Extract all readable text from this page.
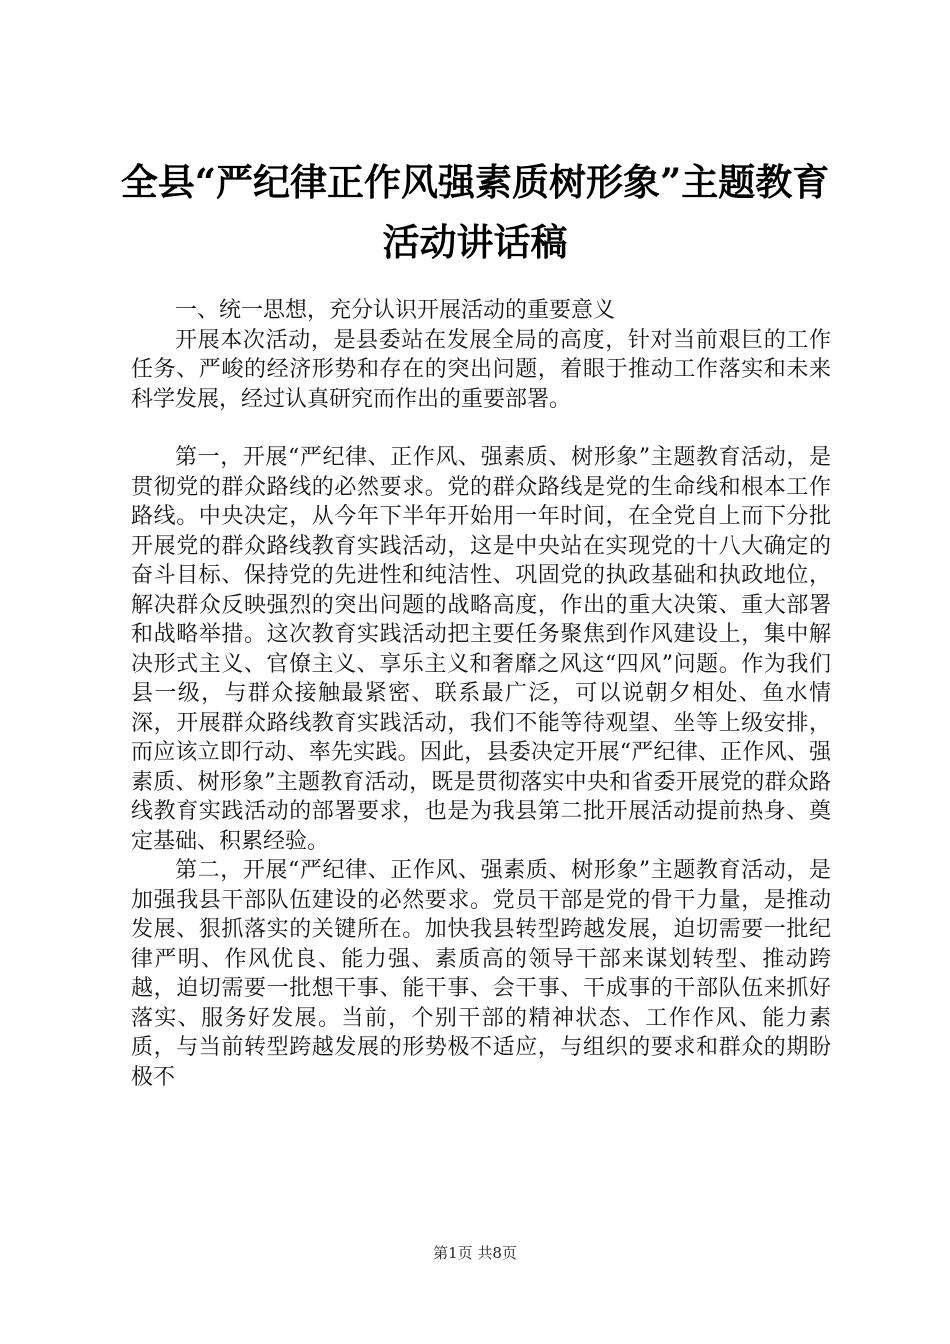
全县“严纪律正作风强素质树形象”主题教育
活动讲话稿

一、统一思想，充分认识开展活动的重要意义

开展本次活动，是县委站在发展全局的高度，针对当前艰巨的工作任务、严峻的经济形势和存在的突出问题，着眼于推动工作落实和未来科学发展，经过认真研究而作出的重要部署。

第一，开展“严纪律、正作风、强素质、树形象”主题教育活动，是贯彻党的群众路线的必然要求。党的群众路线是党的生命线和根本工作路线。中央决定，从今年下半年开始用一年时间，在全党自上而下分批开展党的群众路线教育实践活动，这是中央站在实现党的十八大确定的奋斗目标、保持党的先进性和纯洁性、巩固党的执政基础和执政地位，解决群众反映强烈的突出问题的战略高度，作出的重大决策、重大部署和战略举措。这次教育实践活动把主要任务聚焦到作风建设上，集中解决形式主义、官僚主义、享乐主义和奢靡之风这“四风”问题。作为我们县一级，与群众接触最紧密、联系最广泛，可以说朝夕相处、鱼水情深，开展群众路线教育实践活动，我们不能等待观望、坐等上级安排，而应该立即行动、率先实践。因此，县委决定开展“严纪律、正作风、强素质、树形象”主题教育活动，既是贯彻落实中央和省委开展党的群众路线教育实践活动的部署要求，也是为我县第二批开展活动提前热身、奠定基础、积累经验。

第二，开展“严纪律、正作风、强素质、树形象”主题教育活动，是加强我县干部队伍建设的必然要求。党员干部是党的骨干力量，是推动发展、狠抓落实的关键所在。加快我县转型跨越发展，迫切需要一批纪律严明、作风优良、能力强、素质高的领导干部来谋划转型、推动跨越，迫切需要一批想干事、能干事、会干事、干成事的干部队伍来抓好落实、服务好发展。当前，个别干部的精神状态、工作作风、能力素质，与当前转型跨越发展的形势极不适应，与组织的要求和群众的期盼极不

第1页 共8页
